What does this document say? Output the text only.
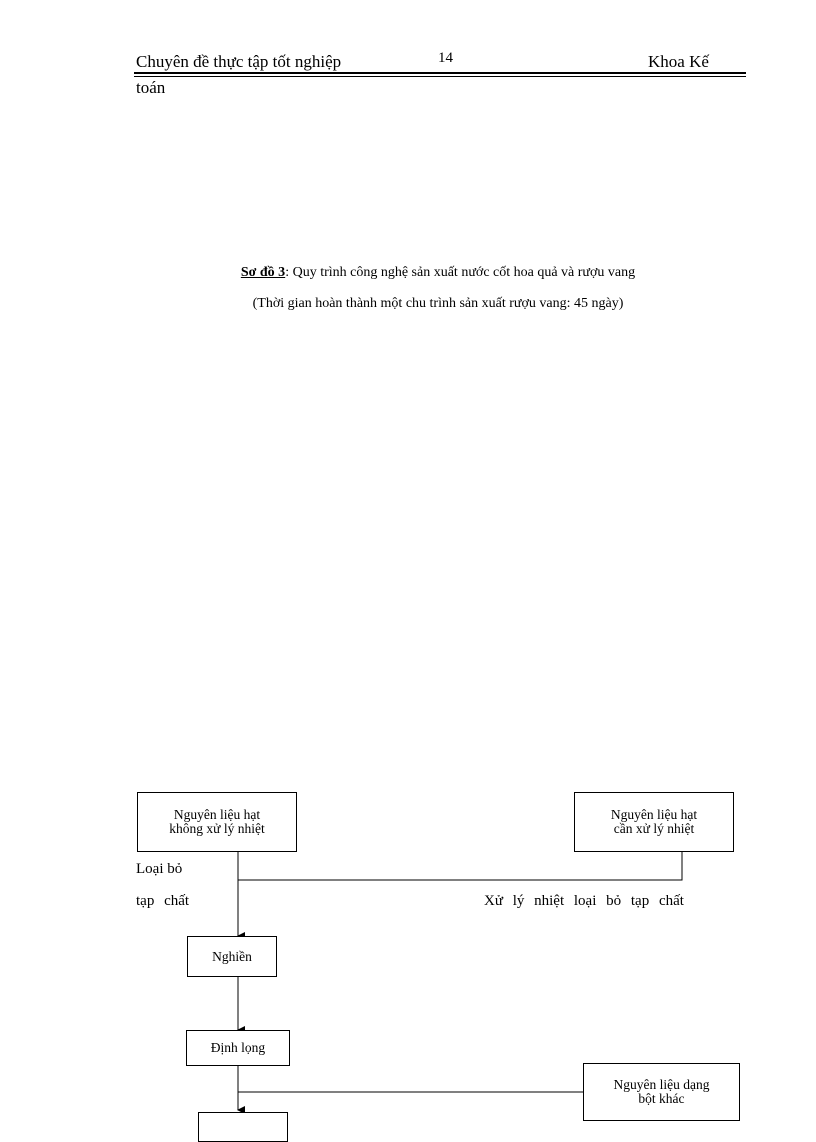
Chuyên đề thực tập tốt nghiệp	14	Khoa Kế
toán
Sơ đồ 3: Quy trình công nghệ sản xuất nước cốt hoa quả và rượu vang
(Thời gian hoàn thành một chu trình sản xuất rượu vang: 45 ngày)
Nguyên liệu hạt
không xử lý nhiệt
Nguyên liệu hạt
cần xử lý nhiệt
Nghiền
Định lọng
Nguyên liệu dạng
bột khác
Loại bỏ
tạp chất	Xử lý nhiệt loại bỏ tạp chất
